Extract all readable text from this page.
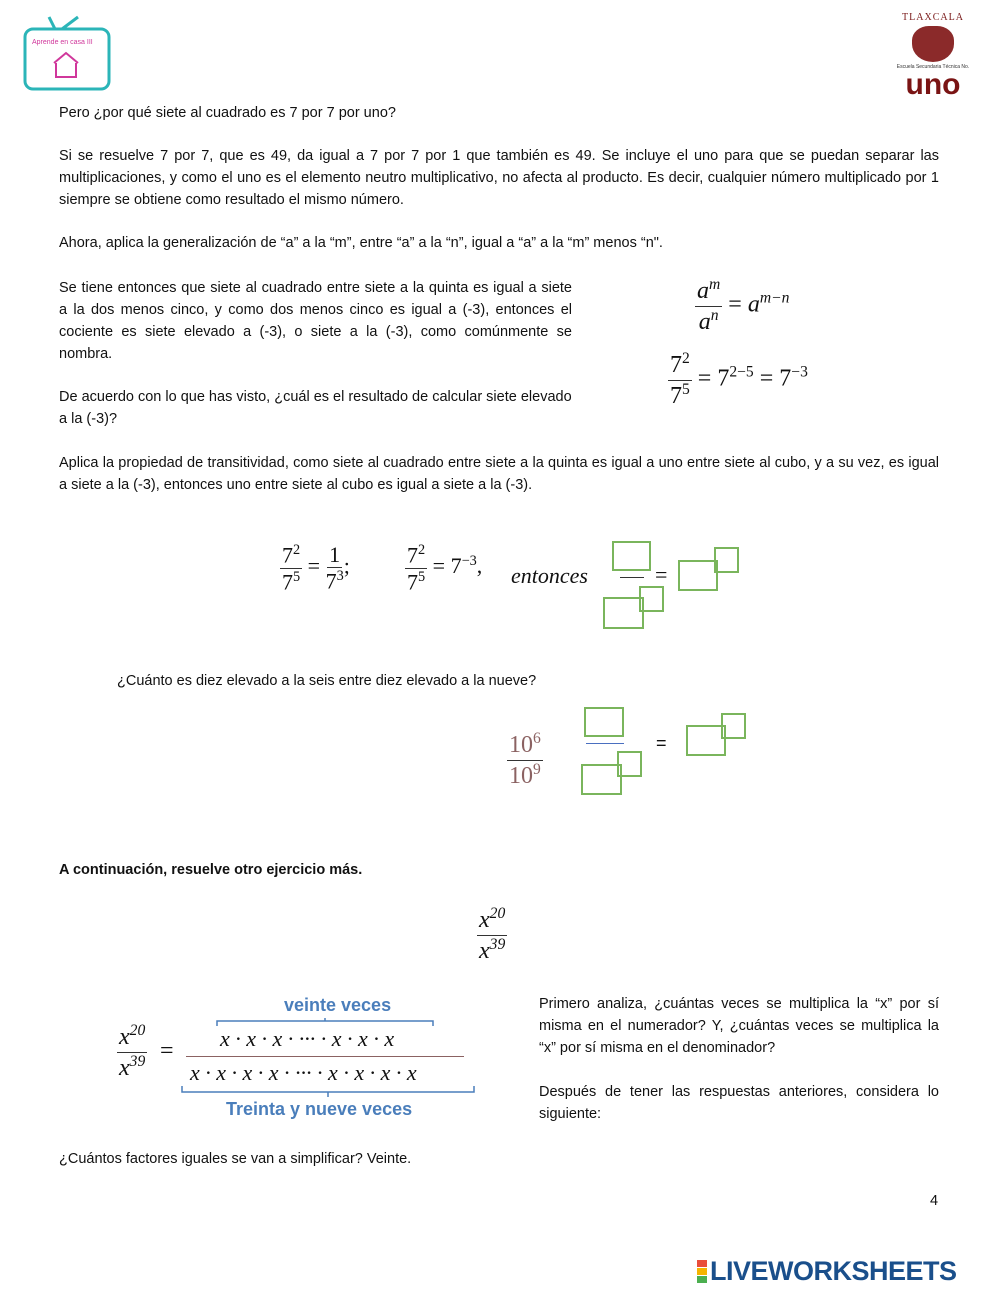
Aprende en casa III
TLAXCALA
Escuela Secundaria Técnica No.
uno
Pero ¿por qué siete al cuadrado es 7 por 7 por uno?
Si se resuelve 7 por 7, que es 49, da igual a 7 por 7 por 1 que también es 49. Se incluye el uno para que se puedan separar las multiplicaciones, y como el uno es el elemento neutro multiplicativo, no afecta al producto. Es decir, cualquier número multiplicado por 1 siempre se obtiene como resultado el mismo número.
Ahora, aplica la generalización de “a” a la “m”, entre “a” a la “n”, igual a “a” a la “m” menos “n".
Se tiene entonces que siete al cuadrado entre siete a la quinta es igual a siete a la dos menos cinco, y como dos menos cinco es igual a (-3), entonces el cociente es siete elevado a (-3), o siete a la (-3), como comúnmente se nombra.
De acuerdo con lo que has visto, ¿cuál es el resultado de calcular siete elevado a la (-3)?
$\frac{a^m}{a^n} = a^{m-n}$
$\frac{7^2}{7^5} = 7^{2-5} = 7^{-3}$
Aplica la propiedad de transitividad, como siete al cuadrado entre siete a la quinta es igual a uno entre siete al cubo, y a su vez, es igual a siete a la (-3), entonces uno entre siete al cubo es igual a siete a la (-3).
$\frac{7^2}{7^5} = \frac{1}{7^3}$ ;	$\frac{7^2}{7^5} = 7^{-3}$, entonces	=
¿Cuánto es diez elevado a la seis entre diez elevado a la nueve?
$\frac{10^6}{10^9}$	=
A continuación, resuelve otro ejercicio más.
$\frac{x^{20}}{x^{39}}$
veinte veces
$\frac{x^{20}}{x^{39}} = x \cdot x \cdot x$ · ··· · x · x · x
x · x · x · x · ··· · x · x · x · x
Treinta y nueve veces
Primero analiza, ¿cuántas veces se multiplica la “x” por sí misma en el numerador? Y, ¿cuántas veces se multiplica la “x” por sí misma en el denominador?
Después de tener las respuestas anteriores, considera lo siguiente:
¿Cuántos factores iguales se van a simplificar? Veinte.
4
LIVEWORKSHEETS
